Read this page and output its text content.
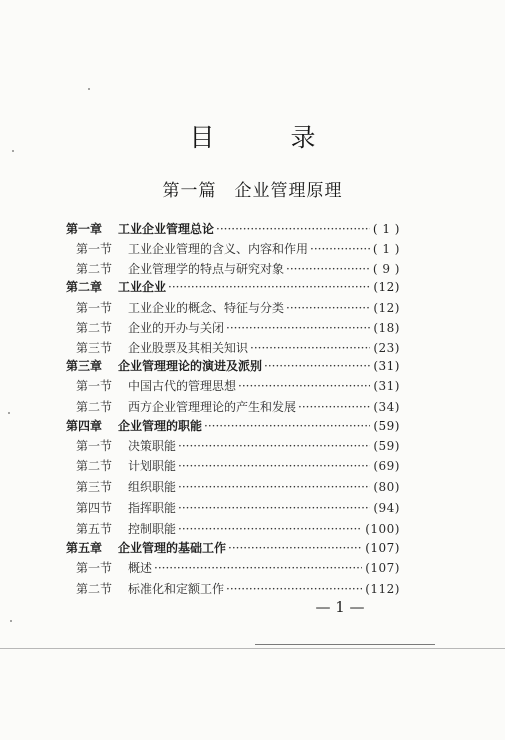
目 录
第一篇　企业管理原理
第一章	工业企业管理总论 ·····	( 1 )
第一节	工业企业管理的含义、内容和作用 ·····	( 1 )
第二节	企业管理学的特点与研究对象 ·····	( 9 )
第二章	工业企业 ·····	(12)
第一节	工业企业的概念、特征与分类 ·····	(12)
第二节	企业的开办与关闭 ·····	(18)
第三节	企业股票及其相关知识 ·····	(23)
第三章	企业管理理论的演进及派别 ·····	(31)
第一节	中国古代的管理思想 ·····	(31)
第二节	西方企业管理理论的产生和发展 ·····	(34)
第四章	企业管理的职能 ·····	(59)
第一节	决策职能 ·····	(59)
第二节	计划职能 ·····	(69)
第三节	组织职能 ·····	(80)
第四节	指挥职能 ·····	(94)
第五节	控制职能 ·····	(100)
第五章	企业管理的基础工作 ·····	(107)
第一节	概述 ·····	(107)
第二节	标准化和定额工作 ·····	(112)
— 1 —
